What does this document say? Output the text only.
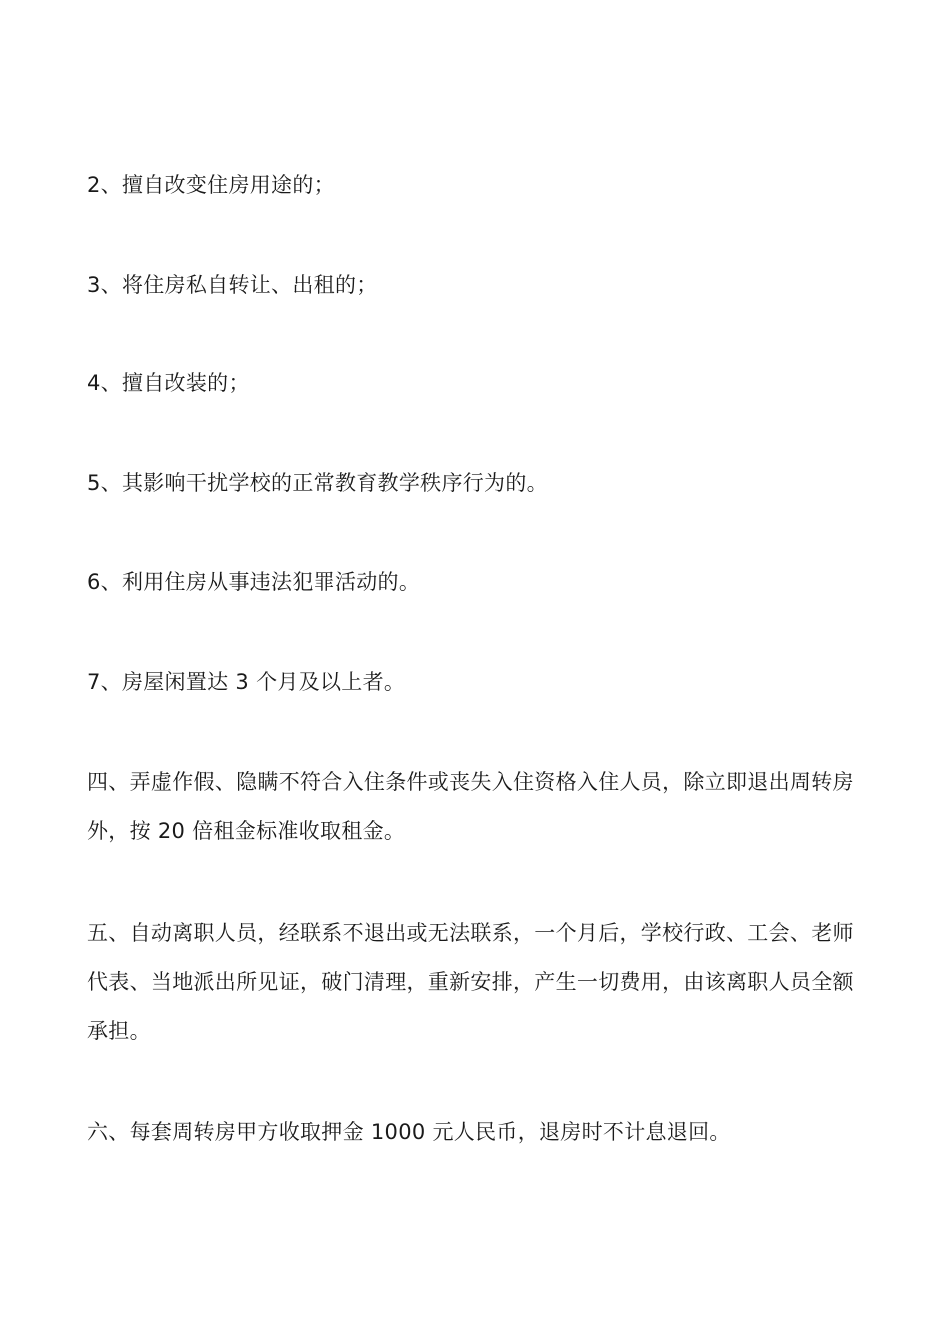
2、擅自改变住房用途的；

3、将住房私自转让、出租的；

4、擅自改装的；

5、其影响干扰学校的正常教育教学秩序行为的。

6、利用住房从事违法犯罪活动的。

7、房屋闲置达 3 个月及以上者。

四、弄虚作假、隐瞒不符合入住条件或丧失入住资格入住人员，除立即退出周转房外，按 20 倍租金标准收取租金。

五、自动离职人员，经联系不退出或无法联系，一个月后，学校行政、工会、老师代表、当地派出所见证，破门清理，重新安排，产生一切费用，由该离职人员全额承担。

六、每套周转房甲方收取押金 1000 元人民币，退房时不计息退回。
